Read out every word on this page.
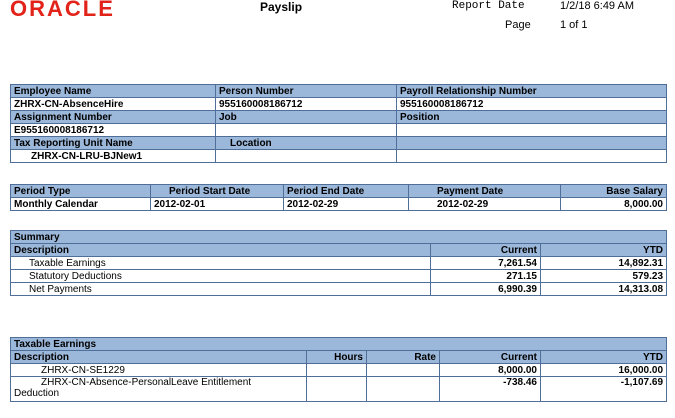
ORACLE	Payslip	Report Date	1/2/18 6:49 AM
Page	1 of 1
Employee Name	Person Number	Payroll Relationship Number
ZHRX-CN-AbsenceHire	955160008186712	955160008186712
Assignment Number	Job	Position
E955160008186712		
Tax Reporting Unit Name	Location	
ZHRX-CN-LRU-BJNew1		
Period Type	Period Start Date	Period End Date	Payment Date	Base Salary
Monthly Calendar	2012-02-01	2012-02-29	2012-02-29	8,000.00
Summary		
Description	Current	YTD
Taxable Earnings	7,261.54	14,892.31
Statutory Deductions	271.15	579.23
Net Payments	6,990.39	14,313.08
Taxable Earnings				
Description	Hours	Rate	Current	YTD
ZHRX-CN-SE1229			8,000.00	16,000.00

ZHRX-CN-Absence-PersonalLeave Entitlement
Deduction			-738.46	-1,107.69
